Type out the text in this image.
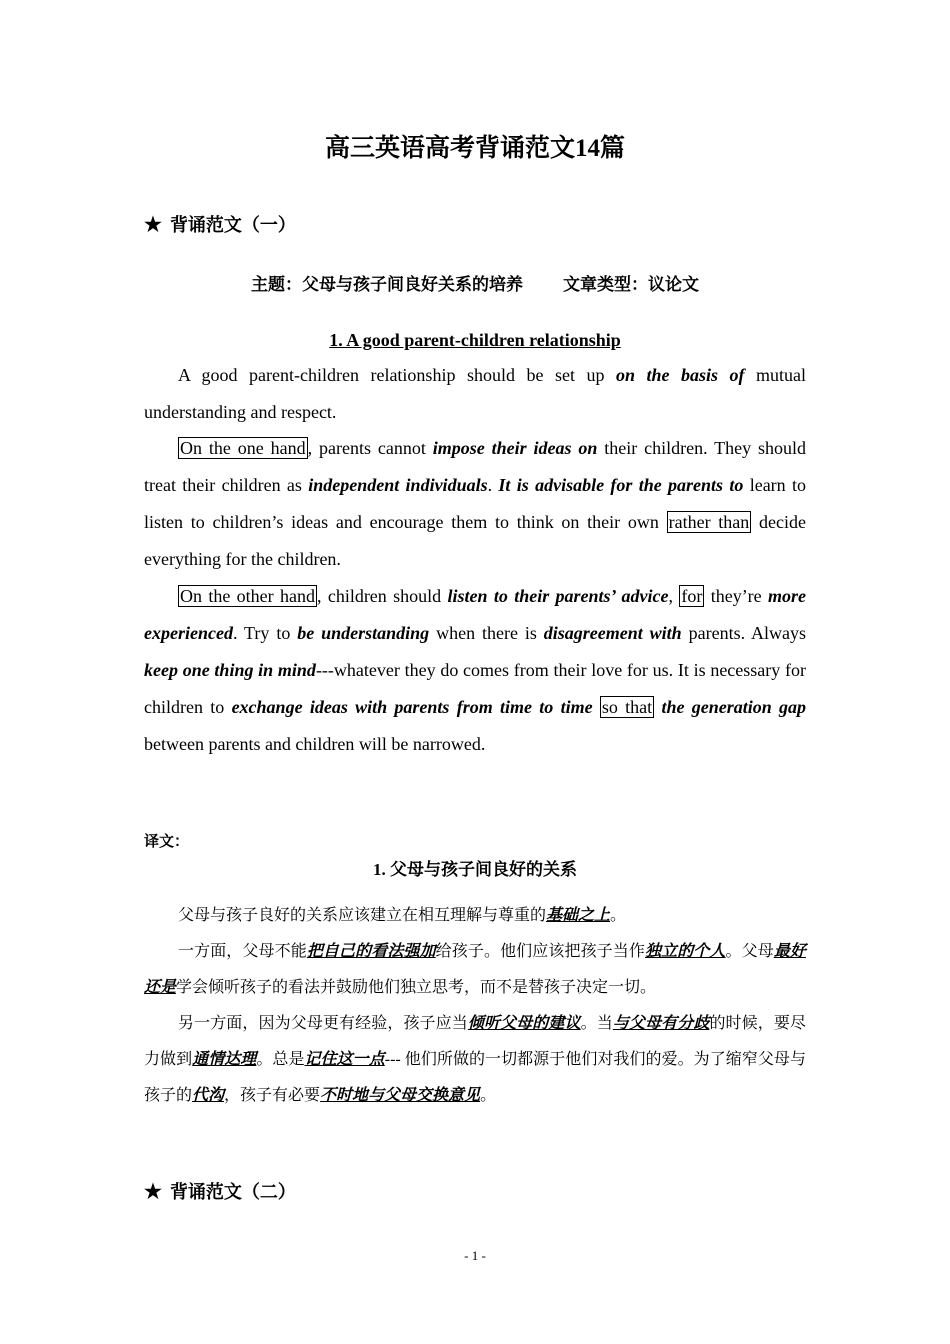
高三英语高考背诵范文14篇
★ 背诵范文（一）
主题：父母与孩子间良好关系的培养 文章类型：议论文
1. A good parent-children relationship
A good parent-children relationship should be set up on the basis of mutual understanding and respect.
On the one hand , parents cannot impose their ideas on their children. They should treat their children as independent individuals. It is advisable for the parents to learn to listen to children’s ideas and encourage them to think on their own rather than decide everything for the children.
On the other hand , children should listen to their parents’ advice, for they’re more experienced. Try to be understanding when there is disagreement with parents. Always keep one thing in mind---whatever they do comes from their love for us. It is necessary for children to exchange ideas with parents from time to time so that the generation gap between parents and children will be narrowed.
译文：
1. 父母与孩子间良好的关系
父母与孩子良好的关系应该建立在相互理解与尊重的基础之上。
一方面，父母不能把自己的看法强加给孩子。他们应该把孩子当作独立的个人。父母最好还是学会倾听孩子的看法并鼓励他们独立思考，而不是替孩子决定一切。
另一方面，因为父母更有经验，孩子应当倾听父母的建议。当与父母有分歧的时候，要尽力做到通情达理。总是记住这一点--- 他们所做的一切都源于他们对我们的爱。为了缩窄父母与孩子的代沟，孩子有必要不时地与父母交换意见。
★ 背诵范文（二）
- 1 -
